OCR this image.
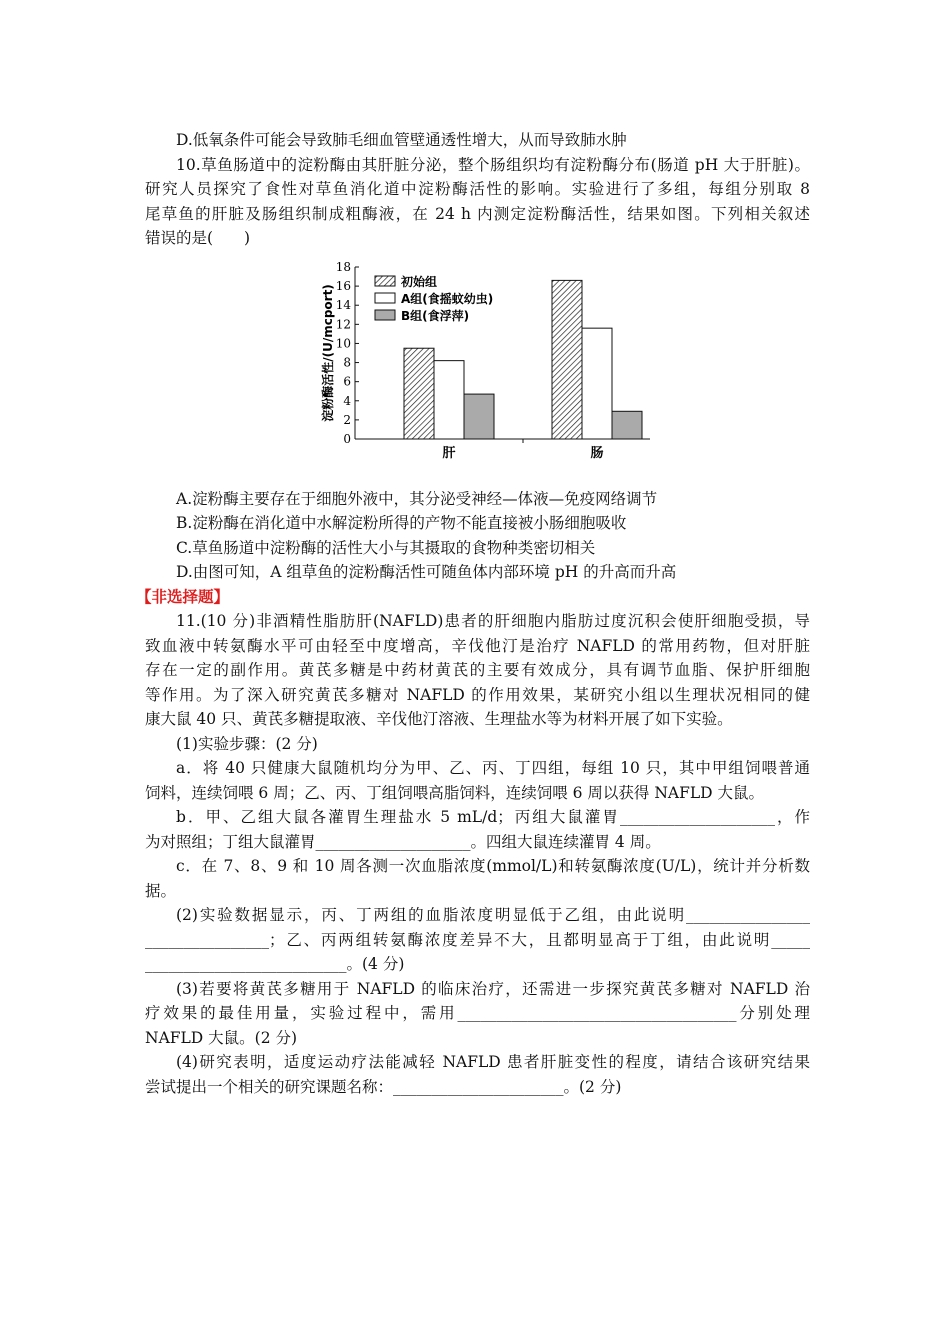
D.低氧条件可能会导致肺毛细血管壁通透性增大，从而导致肺水肿
10.草鱼肠道中的淀粉酶由其肝脏分泌，整个肠组织均有淀粉酶分布(肠道 pH 大于肝脏)。
研究人员探究了食性对草鱼消化道中淀粉酶活性的影响。实验进行了多组，每组分别取 8
尾草鱼的肝脏及肠组织制成粗酶液，在 24 h 内测定淀粉酶活性，结果如图。下列相关叙述
错误的是(　　)
0
2
4
6
8
10
12
14
16
18
淀粉酶活性/(U/mcport)
肝	肠
初始组
A组(食摇蚊幼虫)
B组(食浮萍)
A.淀粉酶主要存在于细胞外液中，其分泌受神经—体液—免疫网络调节
B.淀粉酶在消化道中水解淀粉所得的产物不能直接被小肠细胞吸收
C.草鱼肠道中淀粉酶的活性大小与其摄取的食物种类密切相关
D.由图可知，A 组草鱼的淀粉酶活性可随鱼体内部环境 pH 的升高而升高
【非选择题】
11.(10 分)非酒精性脂肪肝(NAFLD)患者的肝细胞内脂肪过度沉积会使肝细胞受损，导
致血液中转氨酶水平可由轻至中度增高，辛伐他汀是治疗 NAFLD 的常用药物，但对肝脏
存在一定的副作用。黄芪多糖是中药材黄芪的主要有效成分，具有调节血脂、保护肝细胞
等作用。为了深入研究黄芪多糖对 NAFLD 的作用效果，某研究小组以生理状况相同的健
康大鼠 40 只、黄芪多糖提取液、辛伐他汀溶液、生理盐水等为材料开展了如下实验。
(1)实验步骤：(2 分)
a．将 40 只健康大鼠随机均分为甲、乙、丙、丁四组，每组 10 只，其中甲组饲喂普通
饲料，连续饲喂 6 周；乙、丙、丁组饲喂高脂饲料，连续饲喂 6 周以获得 NAFLD 大鼠。
b．甲、乙组大鼠各灌胃生理盐水 5 mL/d；丙组大鼠灌胃____________________，作
为对照组；丁组大鼠灌胃____________________。四组大鼠连续灌胃 4 周。
c．在 7、8、9 和 10 周各测一次血脂浓度(mmol/L)和转氨酶浓度(U/L)，统计并分析数
据。
(2)实验数据显示，丙、丁两组的血脂浓度明显低于乙组，由此说明________________
________________；乙、丙两组转氨酶浓度差异不大，且都明显高于丁组，由此说明_____
__________________________。(4 分)
(3)若要将黄芪多糖用于 NAFLD 的临床治疗，还需进一步探究黄芪多糖对 NAFLD 治
疗效果的最佳用量，实验过程中，需用____________________________________分别处理
NAFLD 大鼠。(2 分)
(4)研究表明，适度运动疗法能减轻 NAFLD 患者肝脏变性的程度，请结合该研究结果
尝试提出一个相关的研究课题名称：______________________。(2 分)
